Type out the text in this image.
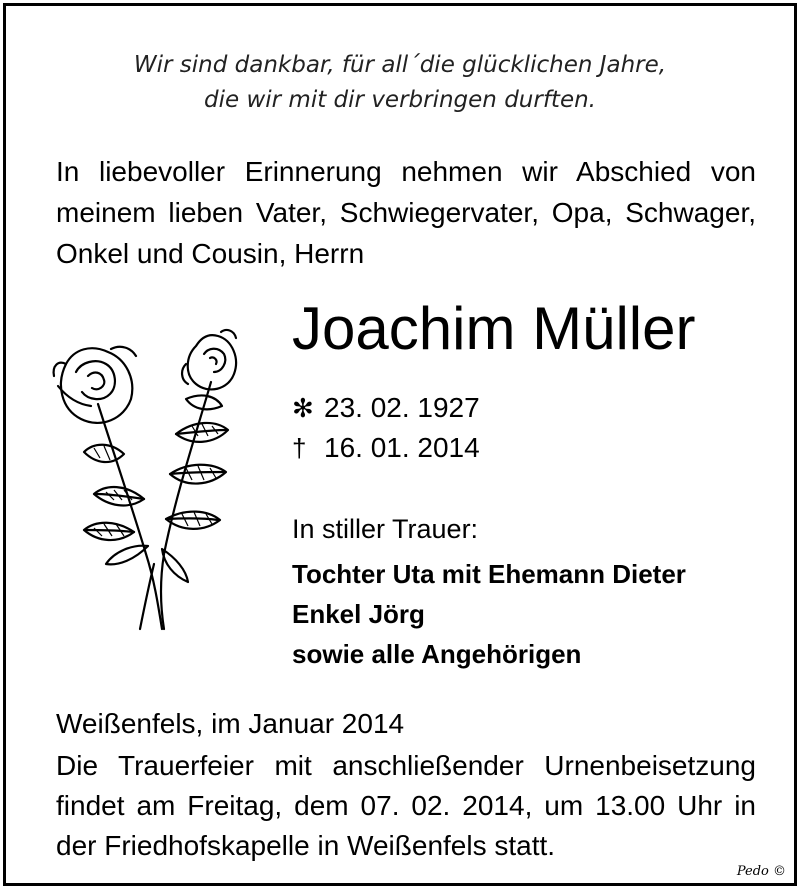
Wir sind dankbar, für all´die glücklichen Jahre,
die wir mit dir verbringen durften.
In liebevoller Erinnerung nehmen wir Abschied von
meinem lieben Vater, Schwiegervater, Opa, Schwager,
Onkel und Cousin, Herrn
Joachim Müller
✻ 23. 02. 1927
† 16. 01. 2014
In stiller Trauer:
Tochter Uta mit Ehemann Dieter
Enkel Jörg
sowie alle Angehörigen
Weißenfels, im Januar 2014
Die Trauerfeier mit anschließender Urnenbeisetzung
findet am Freitag, dem 07. 02. 2014, um 13.00 Uhr in
der Friedhofskapelle in Weißenfels statt.
Pedo ©
